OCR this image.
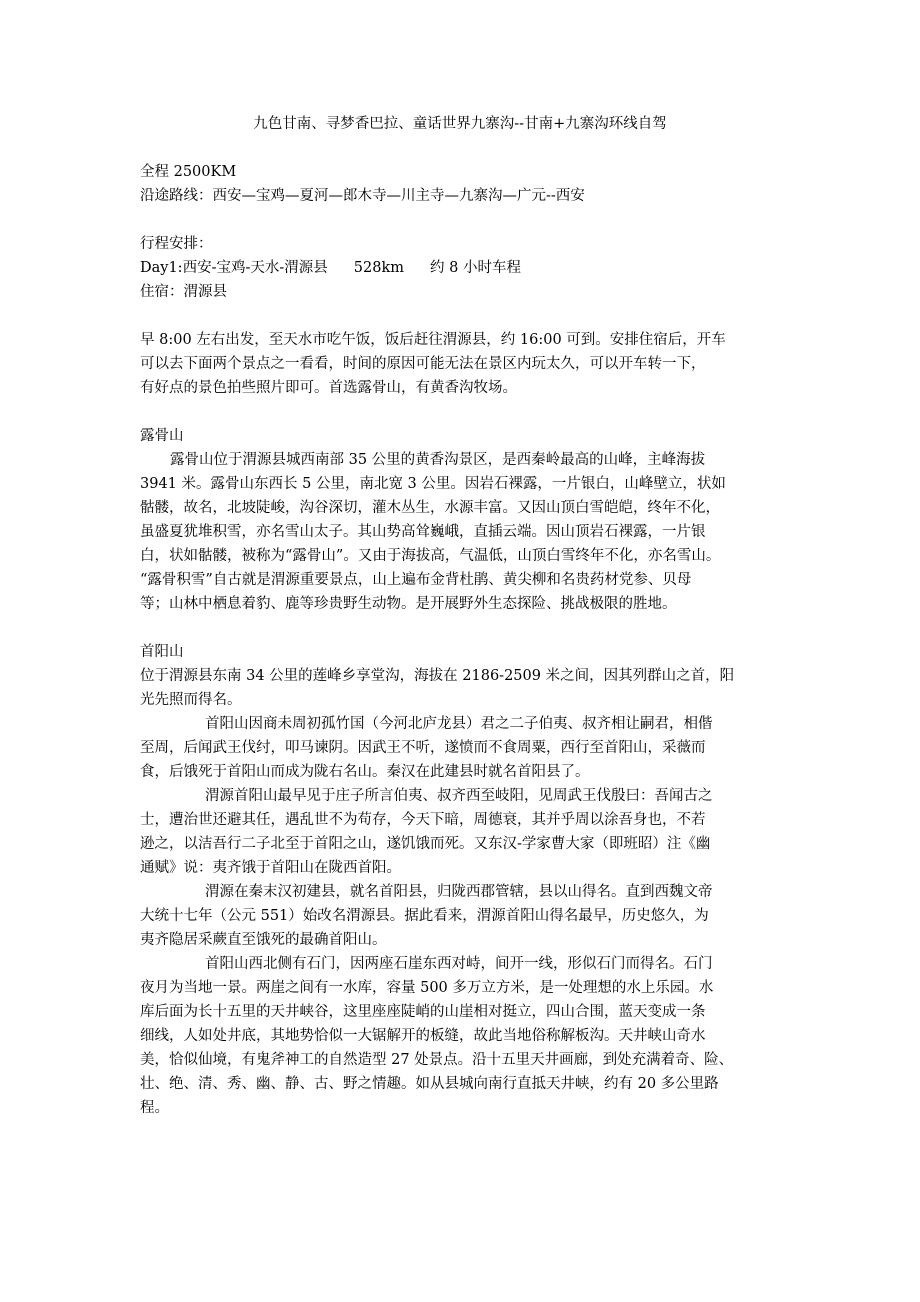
九色甘南、寻梦香巴拉、童话世界九寨沟--甘南+九寨沟环线自驾
全程 2500KM
沿途路线：西安—宝鸡—夏河—郎木寺—川主寺—九寨沟—广元--西安
行程安排：
Day1:西安-宝鸡-天水-渭源县 528km 约 8 小时车程
住宿：渭源县
早 8:00 左右出发，至天水市吃午饭，饭后赶往渭源县，约 16:00 可到。安排住宿后，开车
可以去下面两个景点之一看看，时间的原因可能无法在景区内玩太久，可以开车转一下，
有好点的景色拍些照片即可。首选露骨山，有黄香沟牧场。
露骨山
露骨山位于渭源县城西南部 35 公里的黄香沟景区，是西秦岭最高的山峰，主峰海拔
3941 米。露骨山东西长 5 公里，南北宽 3 公里。因岩石裸露，一片银白，山峰壁立，状如
骷髅，故名，北坡陡峻，沟谷深切，灌木丛生，水源丰富。又因山顶白雪皑皑，终年不化，
虽盛夏犹堆积雪，亦名雪山太子。其山势高耸巍峨，直插云端。因山顶岩石裸露，一片银
白，状如骷髅，被称为“露骨山”。又由于海拔高，气温低，山顶白雪终年不化，亦名雪山。
“露骨积雪”自古就是渭源重要景点，山上遍布金背杜鹃、黄尖柳和名贵药材党参、贝母
等；山林中栖息着豹、鹿等珍贵野生动物。是开展野外生态探险、挑战极限的胜地。
首阳山
位于渭源县东南 34 公里的莲峰乡享堂沟，海拔在 2186-2509 米之间，因其列群山之首，阳
光先照而得名。
首阳山因商未周初孤竹国（今河北庐龙县）君之二子伯夷、叔齐相让嗣君，相偕
至周，后闻武王伐纣，叩马谏阴。因武王不听，遂愤而不食周粟，西行至首阳山，采薇而
食，后饿死于首阳山而成为陇右名山。秦汉在此建县时就名首阳县了。
渭源首阳山最早见于庄子所言伯夷、叔齐西至岐阳，见周武王伐殷曰：吾闻古之
士，遭治世还避其任，遇乱世不为苟存，今天下暗，周德衰，其并乎周以涂吾身也，不若
逊之，以洁吾行二子北至于首阳之山，遂饥饿而死。又东汉-学家曹大家（即班昭）注《幽
通赋》说：夷齐饿于首阳山在陇西首阳。
渭源在秦末汉初建县，就名首阳县，归陇西郡管辖，县以山得名。直到西魏文帝
大统十七年（公元 551）始改名渭源县。据此看来，渭源首阳山得名最早，历史悠久，为
夷齐隐居采蕨直至饿死的最确首阳山。
首阳山西北侧有石门，因两座石崖东西对峙，间开一线，形似石门而得名。石门
夜月为当地一景。两崖之间有一水库，容量 500 多万立方米，是一处理想的水上乐园。水
库后面为长十五里的天井峡谷，这里座座陡峭的山崖相对挺立，四山合围，蓝天变成一条
细线，人如处井底，其地势恰似一大锯解开的板缝，故此当地俗称解板沟。天井峡山奇水
美，恰似仙境，有鬼斧神工的自然造型 27 处景点。沿十五里天井画廊，到处充满着奇、险、
壮、绝、清、秀、幽、静、古、野之情趣。如从县城向南行直抵天井峡，约有 20 多公里路
程。
